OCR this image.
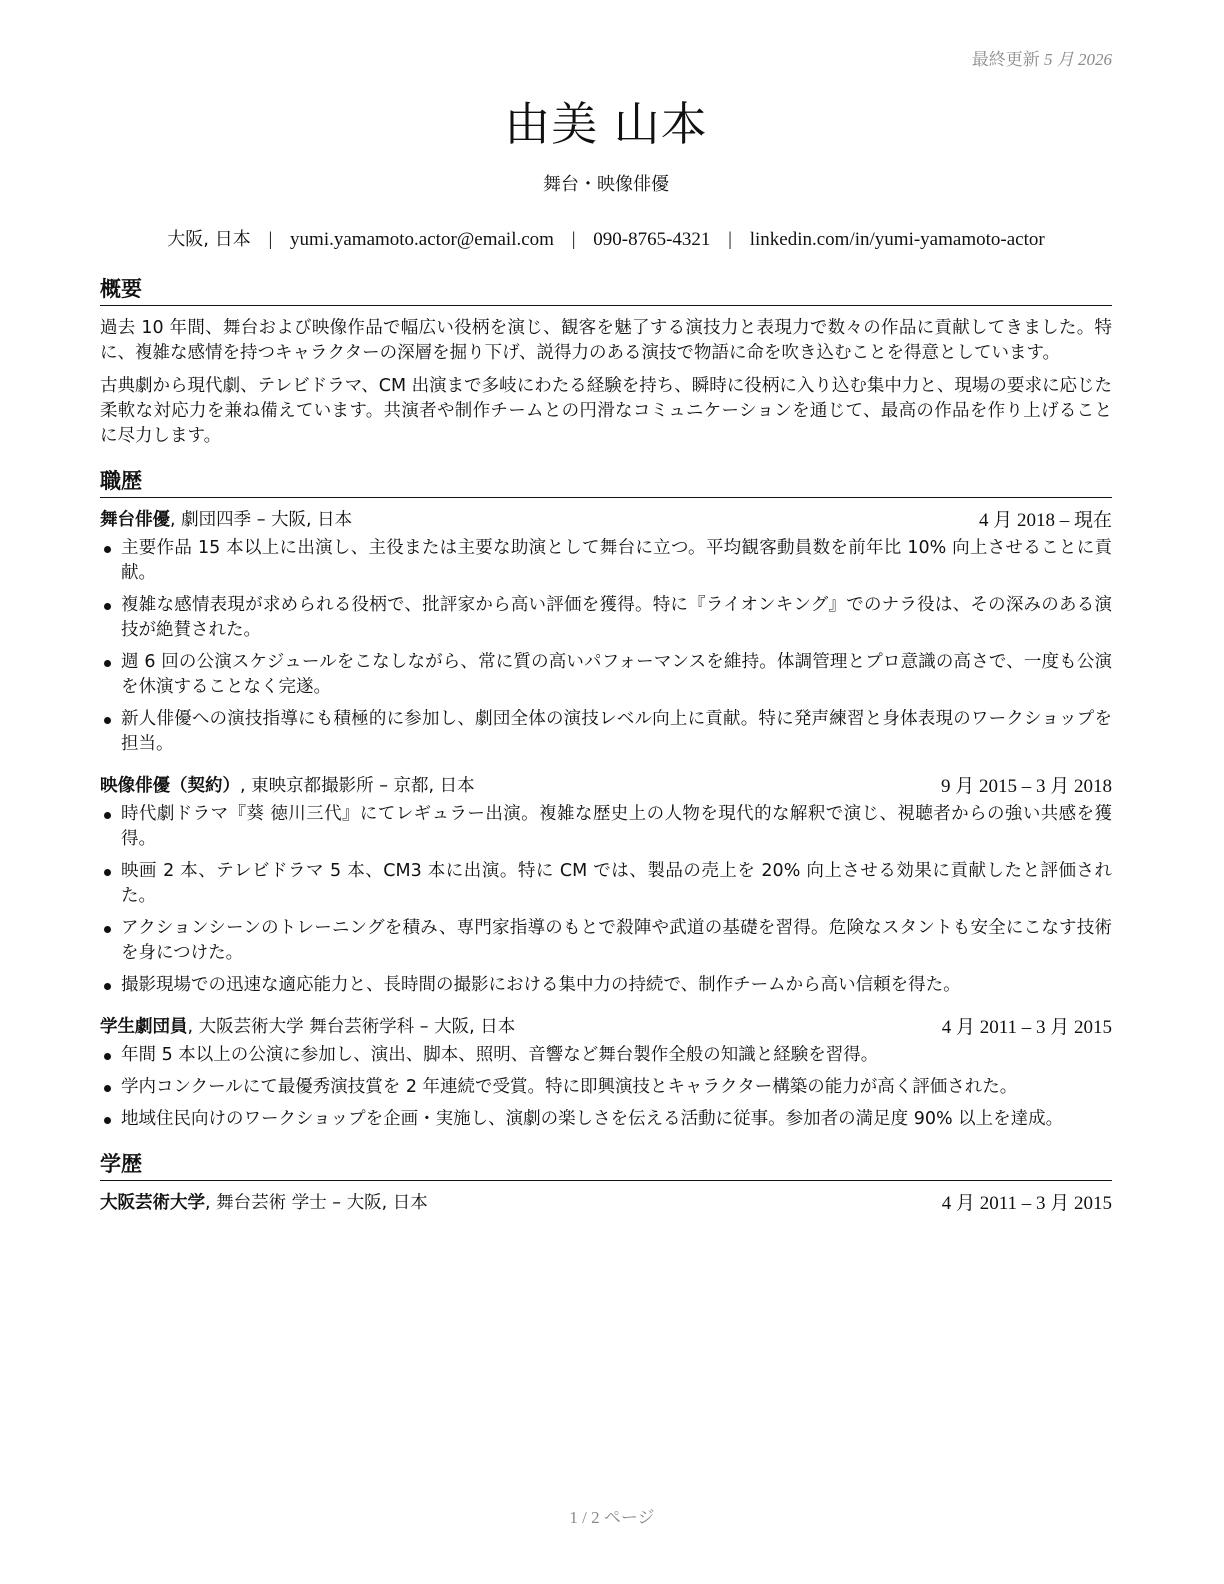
最終更新 5 月 2026
由美 山本
舞台・映像俳優
大阪, 日本 | yumi.yamamoto.actor@email.com | 090-8765-4321 | linkedin.com/in/yumi-yamamoto-actor
概要

過去 10 年間、舞台および映像作品で幅広い役柄を演じ、観客を魅了する演技力と表現力で数々の作品に貢献してきました。特に、複雑な感情を持つキャラクターの深層を掘り下げ、説得力のある演技で物語に命を吹き込むことを得意としています。

古典劇から現代劇、テレビドラマ、CM 出演まで多岐にわたる経験を持ち、瞬時に役柄に入り込む集中力と、現場の要求に応じた柔軟な対応力を兼ね備えています。共演者や制作チームとの円滑なコミュニケーションを通じて、最高の作品を作り上げることに尽力します。

職歴
舞台俳優, 劇団四季 – 大阪, 日本	4 月 2018 – 現在
主要作品 15 本以上に出演し、主役または主要な助演として舞台に立つ。平均観客動員数を前年比 10% 向上させることに貢献。
複雑な感情表現が求められる役柄で、批評家から高い評価を獲得。特に『ライオンキング』でのナラ役は、その深みのある演技が絶賛された。
週 6 回の公演スケジュールをこなしながら、常に質の高いパフォーマンスを維持。体調管理とプロ意識の高さで、一度も公演を休演することなく完遂。
新人俳優への演技指導にも積極的に参加し、劇団全体の演技レベル向上に貢献。特に発声練習と身体表現のワークショップを担当。
映像俳優（契約）, 東映京都撮影所 – 京都, 日本	9 月 2015 – 3 月 2018
時代劇ドラマ『葵 徳川三代』にてレギュラー出演。複雑な歴史上の人物を現代的な解釈で演じ、視聴者からの強い共感を獲得。
映画 2 本、テレビドラマ 5 本、CM3 本に出演。特に CM では、製品の売上を 20% 向上させる効果に貢献したと評価された。
アクションシーンのトレーニングを積み、専門家指導のもとで殺陣や武道の基礎を習得。危険なスタントも安全にこなす技術を身につけた。
撮影現場での迅速な適応能力と、長時間の撮影における集中力の持続で、制作チームから高い信頼を得た。
学生劇団員, 大阪芸術大学 舞台芸術学科 – 大阪, 日本	4 月 2011 – 3 月 2015
年間 5 本以上の公演に参加し、演出、脚本、照明、音響など舞台製作全般の知識と経験を習得。
学内コンクールにて最優秀演技賞を 2 年連続で受賞。特に即興演技とキャラクター構築の能力が高く評価された。
地域住民向けのワークショップを企画・実施し、演劇の楽しさを伝える活動に従事。参加者の満足度 90% 以上を達成。
学歴
大阪芸術大学, 舞台芸術 学士 – 大阪, 日本	4 月 2011 – 3 月 2015
1 / 2 ページ
